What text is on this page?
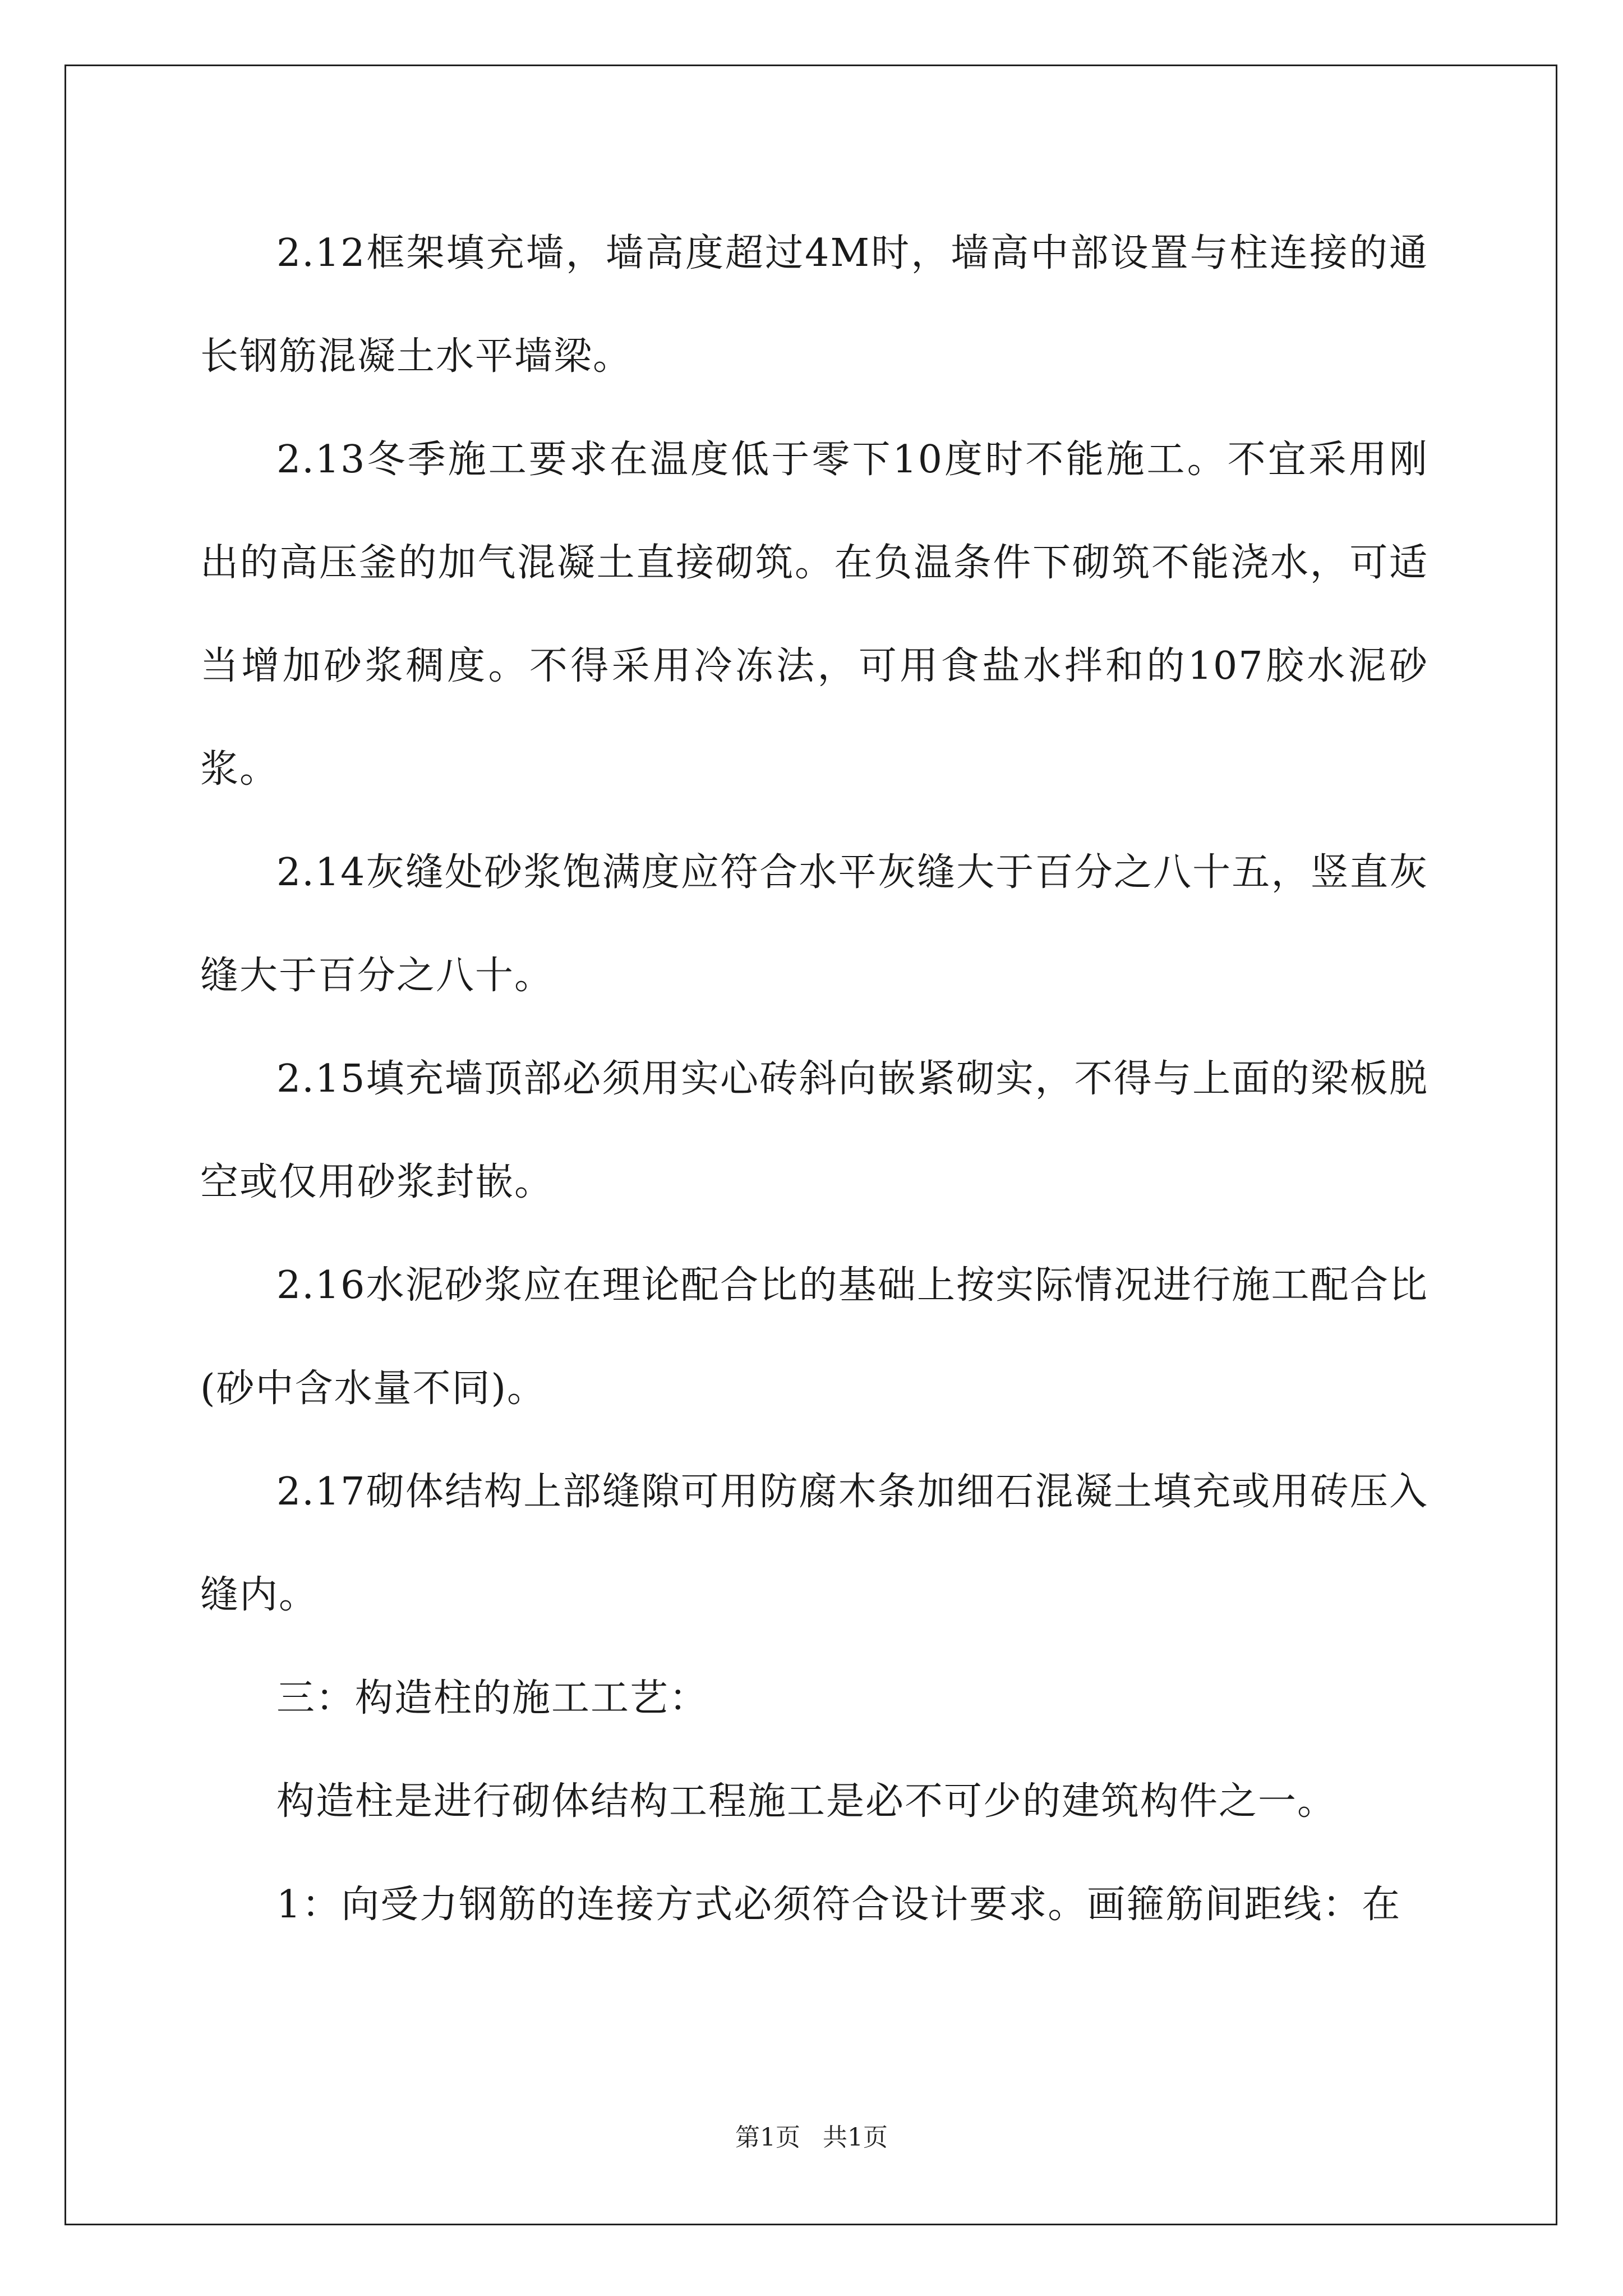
2.12框架填充墙，墙高度超过4M时，墙高中部设置与柱连接的通长钢筋混凝土水平墙梁。

2.13冬季施工要求在温度低于零下10度时不能施工。不宜采用刚出的高压釜的加气混凝土直接砌筑。在负温条件下砌筑不能浇水，可适当增加砂浆稠度。不得采用冷冻法，可用食盐水拌和的107胶水泥砂浆。

2.14灰缝处砂浆饱满度应符合水平灰缝大于百分之八十五，竖直灰缝大于百分之八十。

2.15填充墙顶部必须用实心砖斜向嵌紧砌实，不得与上面的梁板脱空或仅用砂浆封嵌。

2.16水泥砂浆应在理论配合比的基础上按实际情况进行施工配合比(砂中含水量不同)。

2.17砌体结构上部缝隙可用防腐木条加细石混凝土填充或用砖压入缝内。

三：构造柱的施工工艺：

构造柱是进行砌体结构工程施工是必不可少的建筑构件之一。

1：向受力钢筋的连接方式必须符合设计要求。画箍筋间距线：在

第1页 共1页
